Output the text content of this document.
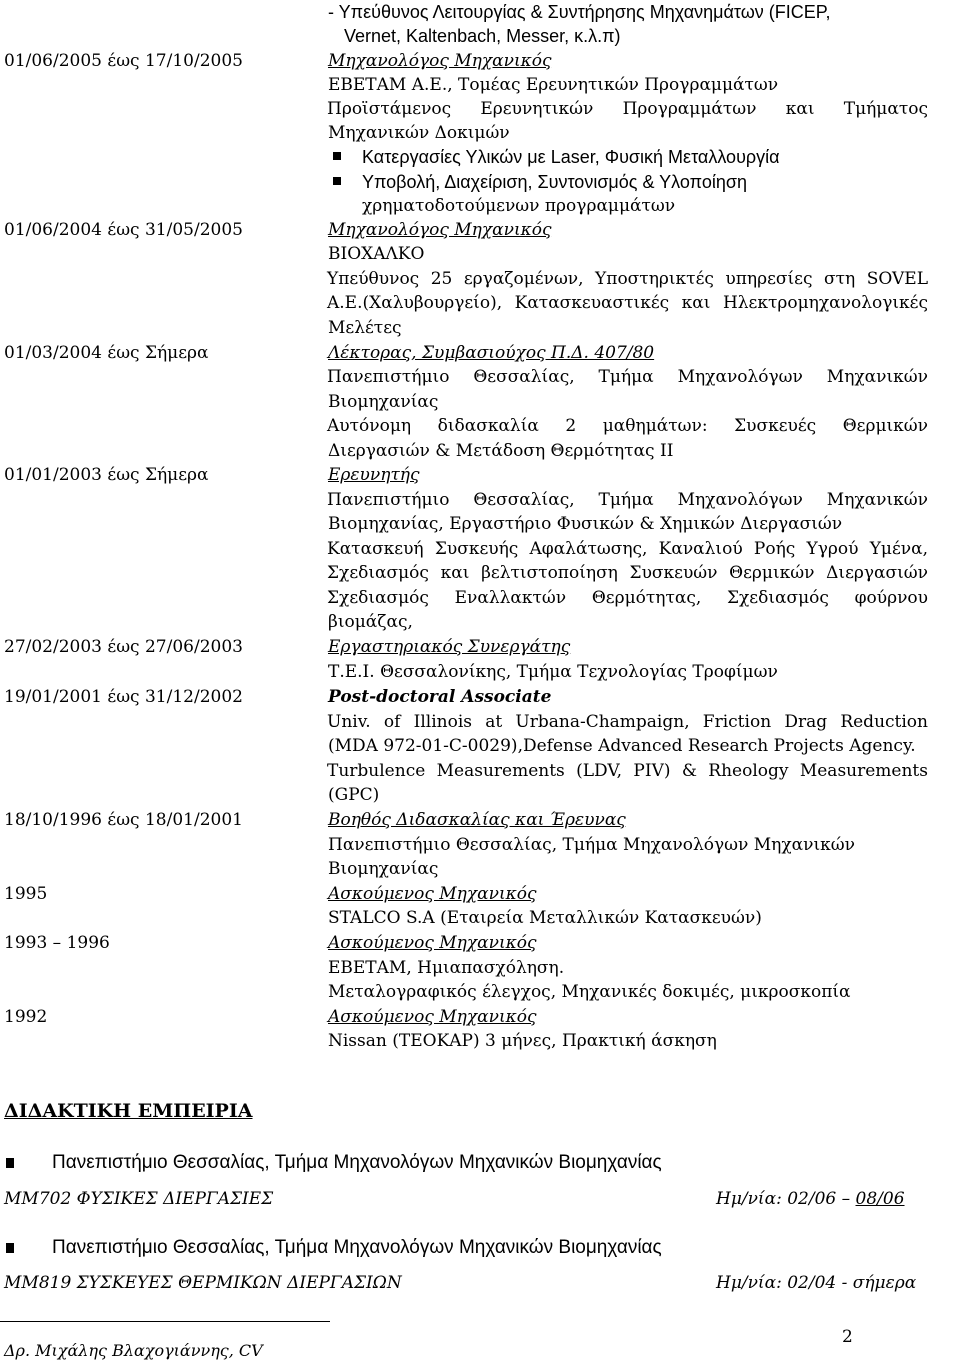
- Υπεύθυνος Λειτουργίας & Συντήρησης Μηχανημάτων (FICEP,
Vernet, Kaltenbach, Messer, κ.λ.π)
01/06/2005 έως 17/10/2005	Μηχανολόγος Μηχανικός
ΕΒΕΤΑΜ Α.Ε., Τομέας Ερευνητικών Προγραμμάτων
Προϊστάμενος Ερευνητικών Προγραμμάτων και Τμήματος
Μηχανικών Δοκιμών
Κατεργασίες Υλικών με Laser, Φυσική Μεταλλουργία
Υποβολή, Διαχείριση, Συντονισμός & Υλοποίηση
χρηματοδοτούμενων προγραμμάτων
01/06/2004 έως 31/05/2005	Μηχανολόγος Μηχανικός
ΒΙΟΧΑΛΚΟ
Υπεύθυνος 25 εργαζομένων, Υποστηρικτές υπηρεσίες στη SOVEL
Α.Ε.(Χαλυβουργείο), Κατασκευαστικές και Ηλεκτρομηχανολογικές
Μελέτες
01/03/2004 έως Σήμερα	Λέκτορας, Συμβασιούχος Π.Δ. 407/80
Πανεπιστήμιο Θεσσαλίας, Τμήμα Μηχανολόγων Μηχανικών
Βιομηχανίας
Αυτόνομη διδασκαλία 2 μαθημάτων: Συσκευές Θερμικών
Διεργασιών & Μετάδοση Θερμότητας ΙΙ
01/01/2003 έως Σήμερα	Ερευνητής
Πανεπιστήμιο Θεσσαλίας, Τμήμα Μηχανολόγων Μηχανικών
Βιομηχανίας, Εργαστήριο Φυσικών & Χημικών Διεργασιών
Κατασκευή Συσκευής Αφαλάτωσης, Καναλιού Ροής Υγρού Υμένα,
Σχεδιασμός και βελτιστοποίηση Συσκευών Θερμικών Διεργασιών
Σχεδιασμός Εναλλακτών Θερμότητας, Σχεδιασμός φούρνου
βιομάζας,
27/02/2003 έως 27/06/2003	Εργαστηριακός Συνεργάτης
Τ.Ε.Ι. Θεσσαλονίκης, Τμήμα Τεχνολογίας Τροφίμων
19/01/2001 έως 31/12/2002	Post-doctoral Associate
Univ. of Illinois at Urbana-Champaign, Friction Drag Reduction
(MDA 972-01-C-0029),Defense Advanced Research Projects Agency.
Turbulence Measurements (LDV, PIV) & Rheology Measurements
(GPC)
18/10/1996 έως 18/01/2001	Βοηθός Διδασκαλίας και Έρευνας
Πανεπιστήμιο Θεσσαλίας, Τμήμα Μηχανολόγων Μηχανικών
Βιομηχανίας
1995	Ασκούμενος Μηχανικός
STALCO S.A (Εταιρεία Μεταλλικών Κατασκευών)
1993 – 1996	Ασκούμενος Μηχανικός
ΕΒΕΤΑΜ, Ημιαπασχόληση.
Μεταλογραφικός έλεγχος, Μηχανικές δοκιμές, μικροσκοπία
1992	Ασκούμενος Μηχανικός
Nissan (ΤΕΟΚΑΡ) 3 μήνες, Πρακτική άσκηση
ΔΙΔΑΚΤΙΚΗ ΕΜΠΕΙΡΙΑ
Πανεπιστήμιο Θεσσαλίας, Τμήμα Μηχανολόγων Μηχανικών Βιομηχανίας
ΜΜ702 ΦΥΣΙΚΕΣ ΔΙΕΡΓΑΣΙΕΣ	Ημ/νία: 02/06 – 08/06
Πανεπιστήμιο Θεσσαλίας, Τμήμα Μηχανολόγων Μηχανικών Βιομηχανίας
ΜΜ819 ΣΥΣΚΕΥΕΣ ΘΕΡΜΙΚΩΝ ΔΙΕΡΓΑΣΙΩΝ	Ημ/νία: 02/04 - σήμερα
Δρ. Μιχάλης Βλαχογιάννης, CV
2
